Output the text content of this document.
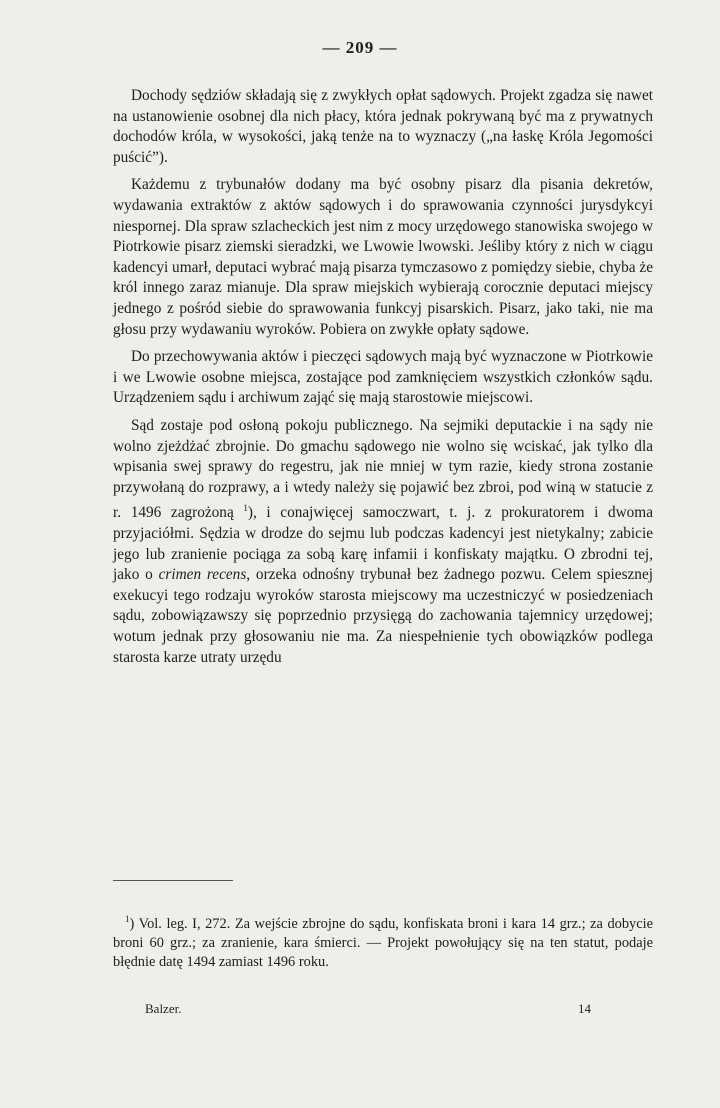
— 209 —

Dochody sędziów składają się z zwykłych opłat sądowych. Projekt zgadza się nawet na ustanowienie osobnej dla nich płacy, która jednak pokrywaną być ma z prywatnych dochodów króla, w wysokości, jaką tenże na to wyznaczy („na łaskę Króla Jegomości puścić”).

Każdemu z trybunałów dodany ma być osobny pisarz dla pisania dekretów, wydawania extraktów z aktów sądowych i do sprawowania czynności jurysdykcyi niespornej. Dla spraw szlacheckich jest nim z mocy urzędowego stanowiska swojego w Piotrkowie pisarz ziemski sieradzki, we Lwowie lwowski. Jeśliby który z nich w ciągu kadencyi umarł, deputaci wybrać mają pisarza tymczasowo z pomiędzy siebie, chyba że król innego zaraz mianuje. Dla spraw miejskich wybierają corocznie deputaci miejscy jednego z pośród siebie do sprawowania funkcyj pisarskich. Pisarz, jako taki, nie ma głosu przy wydawaniu wyroków. Pobiera on zwykłe opłaty sądowe.

Do przechowywania aktów i pieczęci sądowych mają być wyznaczone w Piotrkowie i we Lwowie osobne miejsca, zostające pod zamknięciem wszystkich członków sądu. Urządzeniem sądu i archiwum zająć się mają starostowie miejscowi.

Sąd zostaje pod osłoną pokoju publicznego. Na sejmiki deputackie i na sądy nie wolno zjeżdżać zbrojnie. Do gmachu sądowego nie wolno się wciskać, jak tylko dla wpisania swej sprawy do regestru, jak nie mniej w tym razie, kiedy strona zostanie przywołaną do rozprawy, a i wtedy należy się pojawić bez zbroi, pod winą w statucie z r. 1496 zagrożoną $^1$), i conajwięcej samoczwart, t. j. z prokuratorem i dwoma przyjaciółmi. Sędzia w drodze do sejmu lub podczas kadencyi jest nietykalny; zabicie jego lub zranienie pociąga za sobą karę infamii i konfiskaty majątku. O zbrodni tej, jako o crimen recens, orzeka odnośny trybunał bez żadnego pozwu. Celem spiesznej exekucyi tego rodzaju wyroków starosta miejscowy ma uczestniczyć w posiedzeniach sądu, zobowiązawszy się poprzednio przysięgą do zachowania tajemnicy urzędowej; wotum jednak przy głosowaniu nie ma. Za niespełnienie tych obowiązków podlega starosta karze utraty urzędu

$^1$) Vol. leg. I, 272. Za wejście zbrojne do sądu, konfiskata broni i kara 14 grz.; za dobycie broni 60 grz.; za zranienie, kara śmierci. — Projekt powołujący się na ten statut, podaje błędnie datę 1494 zamiast 1496 roku.

Balzer.	14
